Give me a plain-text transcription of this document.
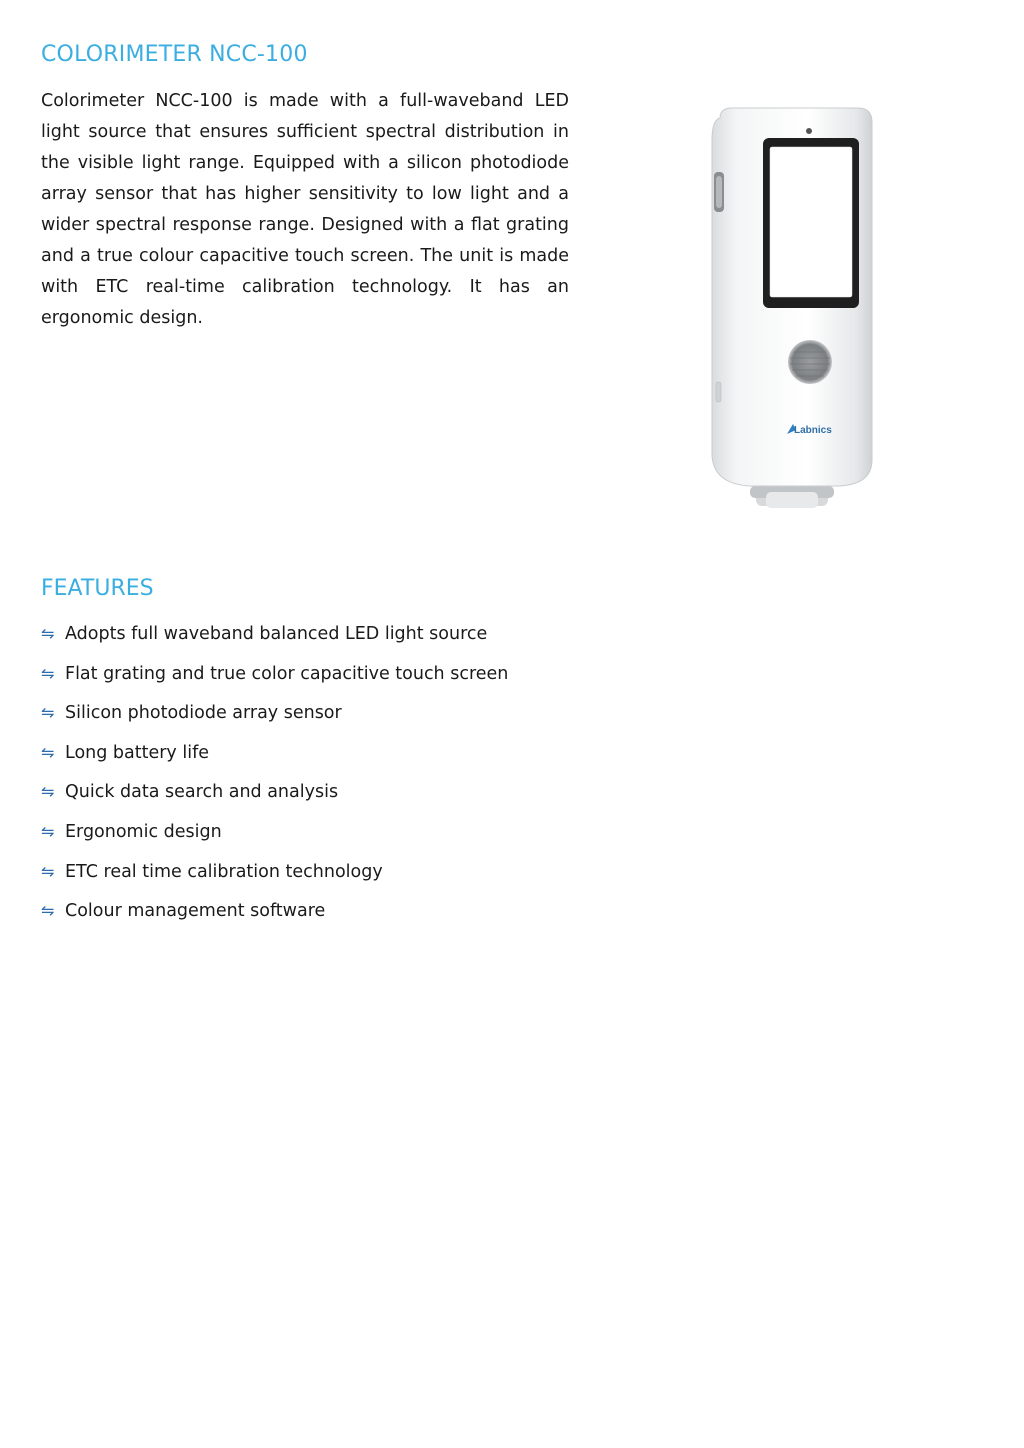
COLORIMETER NCC-100

Colorimeter NCC-100 is made with a full-waveband LED light source that ensures sufficient spectral distribution in the visible light range. Equipped with a silicon photodiode array sensor that has higher sensitivity to low light and a wider spectral response range. Designed with a flat grating and a true colour capacitive touch screen. The unit is made with ETC real-time calibration technology. It has an ergonomic design.

Labnics
FEATURES
⇋ Adopts full waveband balanced LED light source
⇋ Flat grating and true color capacitive touch screen
⇋ Silicon photodiode array sensor
⇋ Long battery life
⇋ Quick data search and analysis
⇋ Ergonomic design
⇋ ETC real time calibration technology
⇋ Colour management software
